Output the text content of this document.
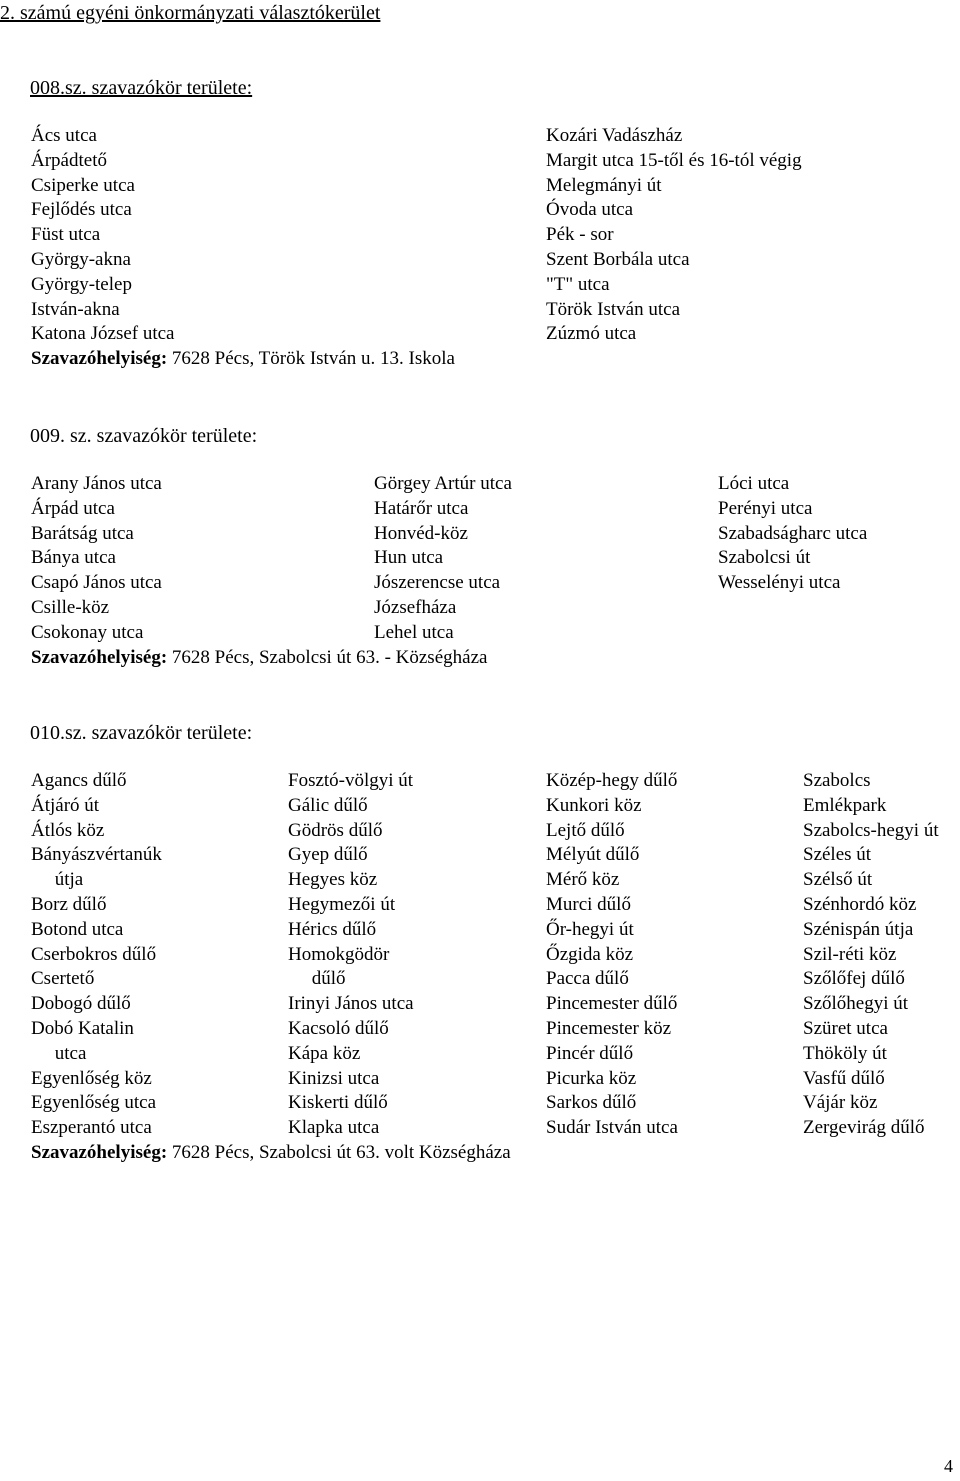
2. számú egyéni önkormányzati választókerület
008.sz. szavazókör területe:
Ács utca
Árpádtető
Csiperke utca
Fejlődés utca
Füst utca
György-akna
György-telep
István-akna
Katona József utca
Kozári Vadászház
Margit utca 15-től és 16-tól végig
Melegmányi út
Óvoda utca
Pék - sor
Szent Borbála utca
"T" utca
Török István utca
Zúzmó utca
Szavazóhelyiség: 7628 Pécs, Török István u. 13. Iskola
009. sz. szavazókör területe:
Arany János utca
Árpád utca
Barátság utca
Bánya utca
Csapó János utca
Csille-köz
Csokonay utca
Görgey Artúr utca
Határőr utca
Honvéd-köz
Hun utca
Jószerencse utca
Józsefháza
Lehel utca
Lóci utca
Perényi utca
Szabadságharc utca
Szabolcsi út
Wesselényi utca
Szavazóhelyiség: 7628 Pécs, Szabolcsi út 63. - Községháza
010.sz. szavazókör területe:
Agancs dűlő
Átjáró út
Átlós köz
Bányászvértanúk
útja
Borz dűlő
Botond utca
Cserbokros dűlő
Csertető
Dobogó dűlő
Dobó Katalin
utca
Egyenlőség köz
Egyenlőség utca
Eszperantó utca
Fosztó-völgyi út
Gálic dűlő
Gödrös dűlő
Gyep dűlő
Hegyes köz
Hegymezői út
Hérics dűlő
Homokgödör
dűlő
Irinyi János utca
Kacsoló dűlő
Kápa köz
Kinizsi utca
Kiskerti dűlő
Klapka utca
Közép-hegy dűlő
Kunkori köz
Lejtő dűlő
Mélyút dűlő
Mérő köz
Murci dűlő
Őr-hegyi út
Őzgida köz
Pacca dűlő
Pincemester dűlő
Pincemester köz
Pincér dűlő
Picurka köz
Sarkos dűlő
Sudár István utca
Szabolcs
Emlékpark
Szabolcs-hegyi út
Széles út
Szélső út
Szénhordó köz
Szénispán útja
Szil-réti köz
Szőlőfej dűlő
Szőlőhegyi út
Szüret utca
Thököly út
Vasfű dűlő
Vájár köz
Zergevirág dűlő
Szavazóhelyiség: 7628 Pécs, Szabolcsi út 63. volt Községháza
4
